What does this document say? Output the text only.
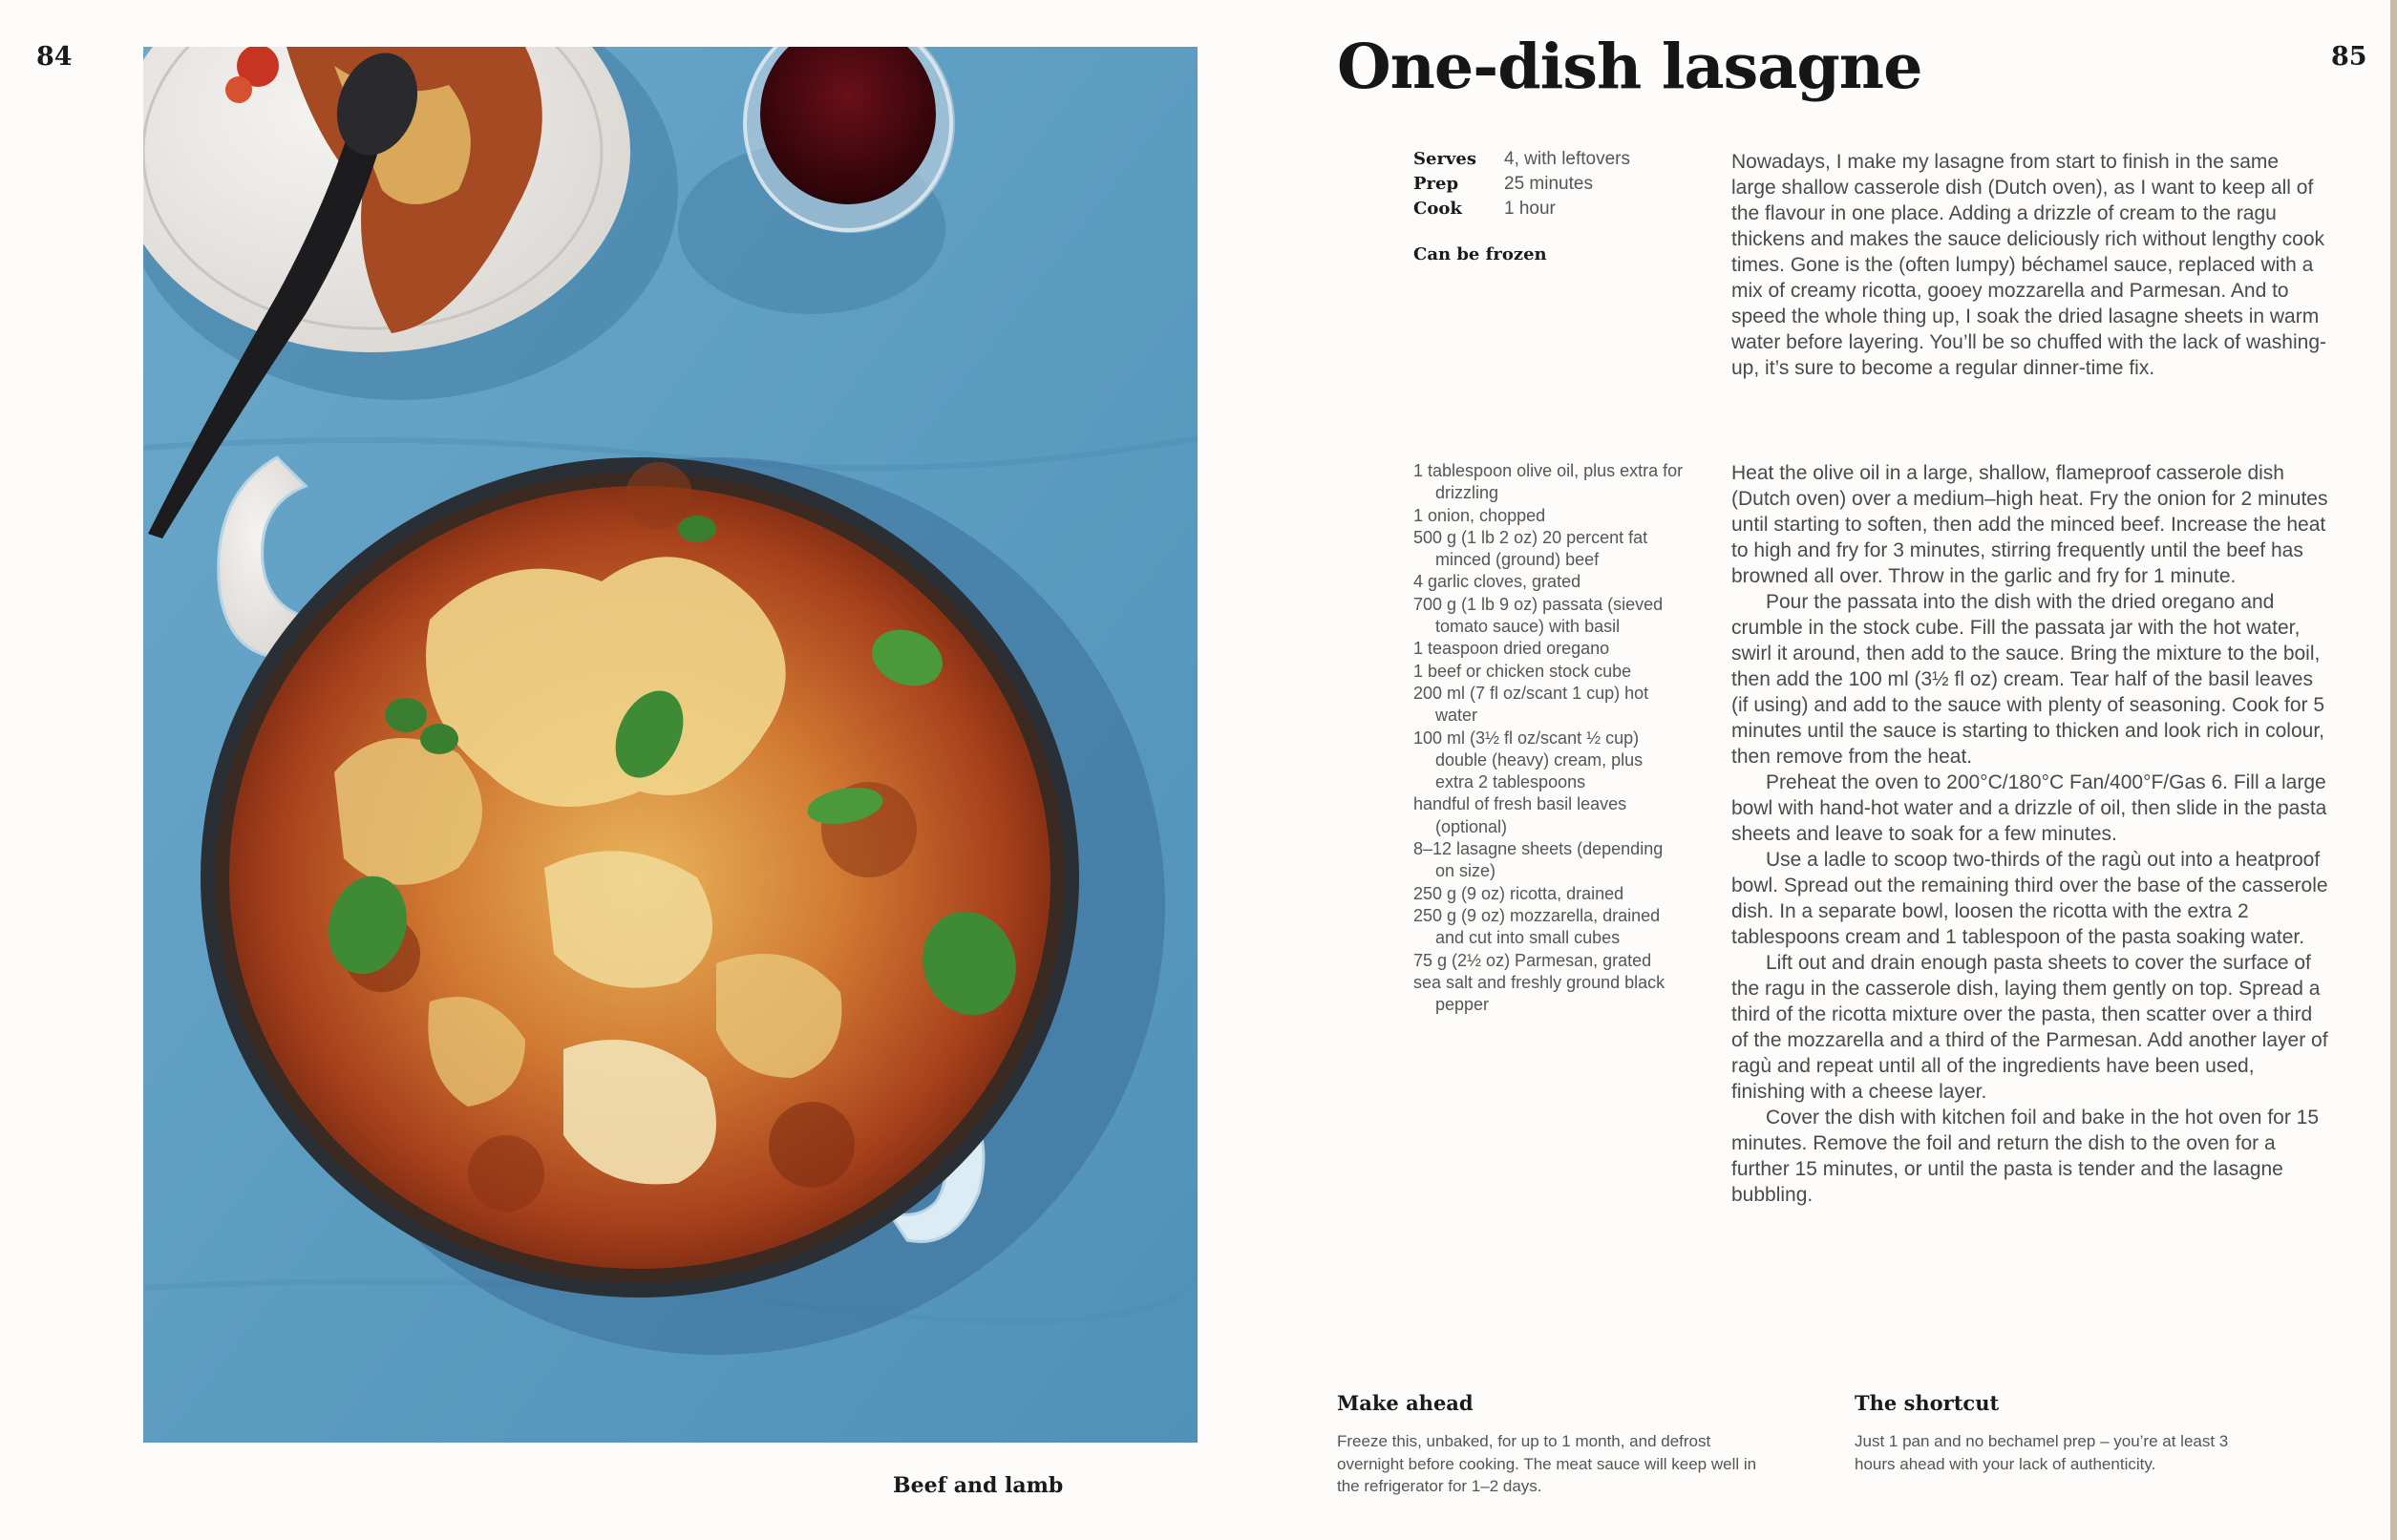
84
Beef and lamb
One-dish lasagne	85
Serves	4, with leftovers
Prep	25 minutes
Cook	1 hour
Can be frozen

Nowadays, I make my lasagne from start to finish in the same large shallow casserole dish (Dutch oven), as I want to keep all of the flavour in one place. Adding a drizzle of cream to the ragu thickens and makes the sauce deliciously rich without lengthy cook times. Gone is the (often lumpy) béchamel sauce, replaced with a mix of creamy ricotta, gooey mozzarella and Parmesan. And to speed the whole thing up, I soak the dried lasagne sheets in warm water before layering. You’ll be so chuffed with the lack of washing-up, it’s sure to become a regular dinner-time fix.

1 tablespoon olive oil, plus extra for drizzling
1 onion, chopped
500 g (1 lb 2 oz) 20 percent fat minced (ground) beef
4 garlic cloves, grated
700 g (1 lb 9 oz) passata (sieved tomato sauce) with basil
1 teaspoon dried oregano
1 beef or chicken stock cube
200 ml (7 fl oz/scant 1 cup) hot water
100 ml (3½ fl oz/scant ½ cup) double (heavy) cream, plus extra 2 tablespoons
handful of fresh basil leaves (optional)
8–12 lasagne sheets (depending on size)
250 g (9 oz) ricotta, drained
250 g (9 oz) mozzarella, drained and cut into small cubes
75 g (2½ oz) Parmesan, grated
sea salt and freshly ground black pepper

Heat the olive oil in a large, shallow, flameproof casserole dish (Dutch oven) over a medium–high heat. Fry the onion for 2 minutes until starting to soften, then add the minced beef. Increase the heat to high and fry for 3 minutes, stirring frequently until the beef has browned all over. Throw in the garlic and fry for 1 minute.

Pour the passata into the dish with the dried oregano and crumble in the stock cube. Fill the passata jar with the hot water, swirl it around, then add to the sauce. Bring the mixture to the boil, then add the 100 ml (3½ fl oz) cream. Tear half of the basil leaves (if using) and add to the sauce with plenty of seasoning. Cook for 5 minutes until the sauce is starting to thicken and look rich in colour, then remove from the heat.

Preheat the oven to 200°C/180°C Fan/400°F/Gas 6. Fill a large bowl with hand-hot water and a drizzle of oil, then slide in the pasta sheets and leave to soak for a few minutes.

Use a ladle to scoop two-thirds of the ragù out into a heatproof bowl. Spread out the remaining third over the base of the casserole dish. In a separate bowl, loosen the ricotta with the extra 2 tablespoons cream and 1 tablespoon of the pasta soaking water.

Lift out and drain enough pasta sheets to cover the surface of the ragu in the casserole dish, laying them gently on top. Spread a third of the ricotta mixture over the pasta, then scatter over a third of the mozzarella and a third of the Parmesan. Add another layer of ragù and repeat until all of the ingredients have been used, finishing with a cheese layer.

Cover the dish with kitchen foil and bake in the hot oven for 15 minutes. Remove the foil and return the dish to the oven for a further 15 minutes, or until the pasta is tender and the lasagne bubbling.

Make ahead
Freeze this, unbaked, for up to 1 month, and defrost overnight before cooking. The meat sauce will keep well in the refrigerator for 1–2 days.
The shortcut
Just 1 pan and no bechamel prep – you’re at least 3 hours ahead with your lack of authenticity.
